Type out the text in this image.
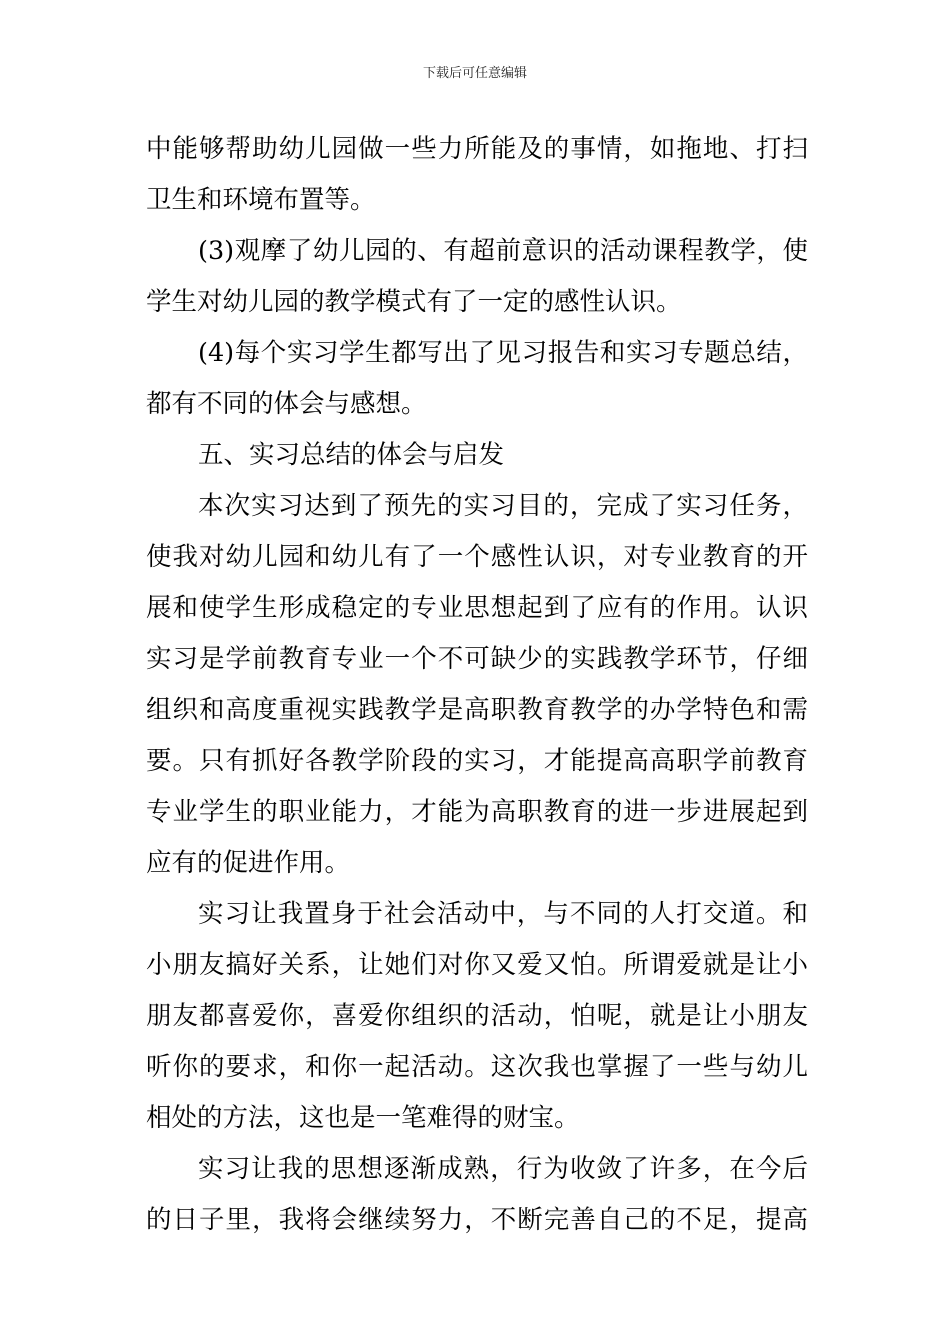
下载后可任意编辑
中能够帮助幼儿园做一些力所能及的事情，如拖地、打扫
卫生和环境布置等。
(3)观摩了幼儿园的、有超前意识的活动课程教学，使
学生对幼儿园的教学模式有了一定的感性认识。
(4)每个实习学生都写出了见习报告和实习专题总结，
都有不同的体会与感想。
五、实习总结的体会与启发
本次实习达到了预先的实习目的，完成了实习任务，
使我对幼儿园和幼儿有了一个感性认识，对专业教育的开
展和使学生形成稳定的专业思想起到了应有的作用。认识
实习是学前教育专业一个不可缺少的实践教学环节，仔细
组织和高度重视实践教学是高职教育教学的办学特色和需
要。只有抓好各教学阶段的实习，才能提高高职学前教育
专业学生的职业能力，才能为高职教育的进一步进展起到
应有的促进作用。
实习让我置身于社会活动中，与不同的人打交道。和
小朋友搞好关系，让她们对你又爱又怕。所谓爱就是让小
朋友都喜爱你，喜爱你组织的活动，怕呢，就是让小朋友
听你的要求，和你一起活动。这次我也掌握了一些与幼儿
相处的方法，这也是一笔难得的财宝。
实习让我的思想逐渐成熟，行为收敛了许多，在今后
的日子里，我将会继续努力，不断完善自己的不足，提高
